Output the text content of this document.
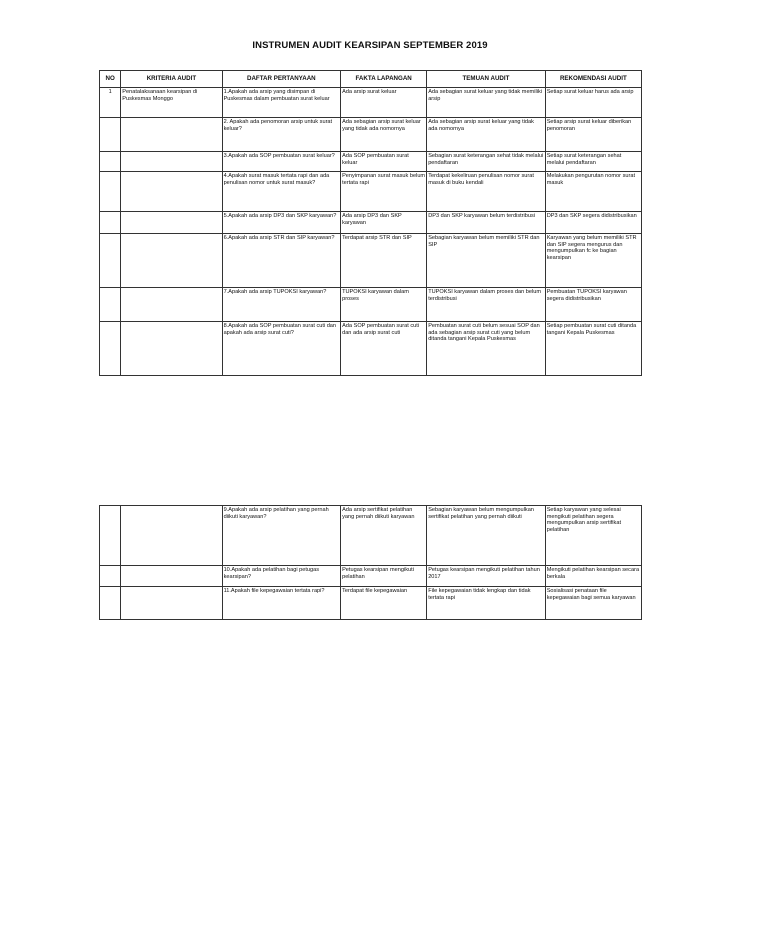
INSTRUMEN AUDIT KEARSIPAN SEPTEMBER 2019
NO	KRITERIA AUDIT	DAFTAR PERTANYAAN	FAKTA LAPANGAN	TEMUAN AUDIT	REKOMENDASI AUDIT
1	Penatalaksanaan kearsipan di Puskesmas Monggo	1.Apakah ada arsip yang disimpan di Puskesmas dalam pembuatan surat keluar	Ada arsip surat keluar	Ada sebagian surat keluar yang tidak memiliki arsip	Setiap surat keluar harus ada arsip
		2. Apakah ada penomoran arsip untuk surat keluar?	Ada sebagian arsip surat keluar yang tidak ada nomornya	Ada sebagian arsip surat keluar yang tidak ada nomornya	Setiap arsip surat keluar diberikan penomoran
		3.Apakah ada SOP pembuatan surat keluar?	Ada SOP pembuatan surat keluar	Sebagian surat keterangan sehat tidak melalui pendaftaran	Setiap surat keterangan sehat melalui pendaftaran
		4.Apakah surat masuk tertata rapi dan ada penulisan nomor untuk surat masuk?	Penyimpanan surat masuk belum tertata rapi	Terdapat kekeliruan penulisan nomor surat masuk di buku kendali	Melakukan pengurutan nomor surat masuk
		5.Apakah ada arsip DP3 dan SKP karyawan?	Ada arsip DP3 dan SKP karyawan	DP3 dan SKP karyawan belum terdistribusi	DP3 dan SKP segera didistribusikan
		6.Apakah ada arsip STR dan SIP karyawan?	Terdapat arsip STR dan SIP	Sebagian karyawan belum memiliki STR dan SIP	Karyawan yang belum memiliki STR dan SIP segera mengurus dan mengumpulkan fc ke bagian kearsipan
		7.Apakah ada arsip TUPOKSI karyawan?	TUPOKSI karyawan dalam proses	TUPOKSI karyawan dalam proses dan belum terdistribusi	Pembuatan TUPOKSI karyawan segera didistribusikan
		8.Apakah ada SOP pembuatan surat cuti dan apakah ada arsip surat cuti?	Ada SOP pembuatan surat cuti dan ada arsip surat cuti	Pembuatan surat cuti belum sesuai SOP dan ada sebagian arsip surat cuti yang belum ditanda tangani Kepala Puskesmas	Setiap pembuatan surat cuti ditanda tangani Kepala Puskesmas
		9.Apakah ada arsip pelatihan yang pernah diikuti karyawan?	Ada arsip sertifikat pelatihan yang pernah diikuti karyawan	Sebagian karyawan belum mengumpulkan sertifikat pelatihan yang pernah diikuti	Setiap karyawan yang selesai mengikuti pelatihan segera mengumpulkan arsip sertifikat pelatihan
		10.Apakah ada pelatihan bagi petugas kearsipan?	Petugas kearsipan mengikuti pelatihan	Petugas kearsipan mengikuti pelatihan tahun 2017	Mengikuti pelatihan kearsipan secara berkala
		11.Apakah file kepegawaian tertata rapi?	Terdapat file kepegawaian	File kepegawaian tidak lengkap dan tidak tertata rapi	Sosialisasi penataan file kepegawaian bagi semua karyawan
